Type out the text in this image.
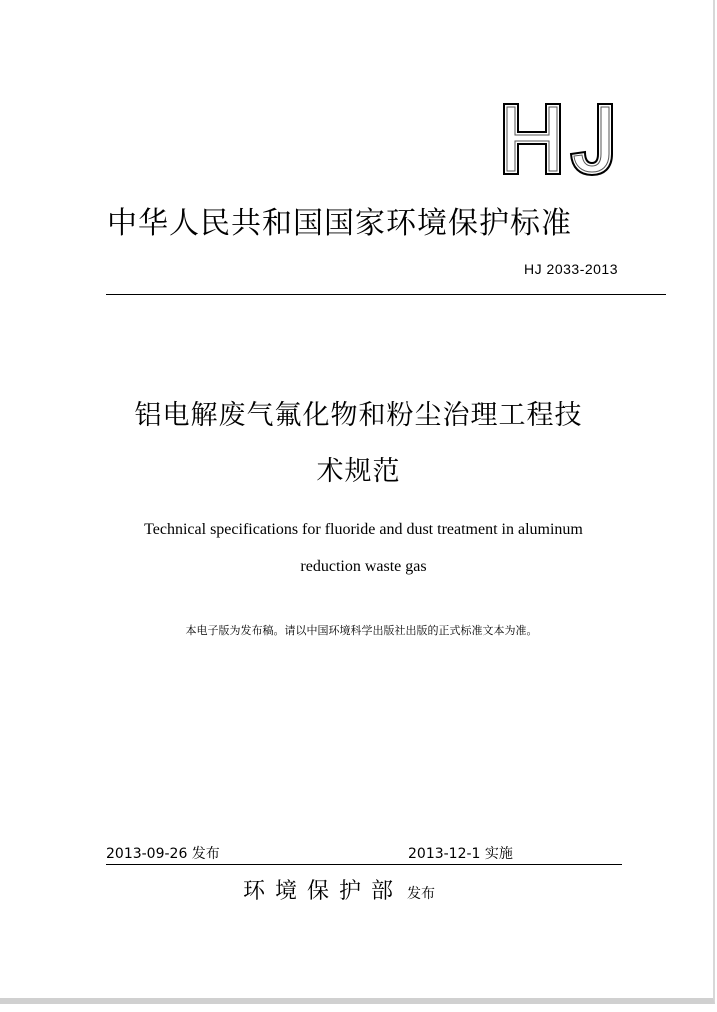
中华人民共和国国家环境保护标准
HJ 2033-2013
铝电解废气氟化物和粉尘治理工程技
术规范
Technical specifications for fluoride and dust treatment in aluminum
reduction waste gas
本电子版为发布稿。请以中国环境科学出版社出版的正式标准文本为准。
2013-09-26 发布	2013-12-1 实施
环境保护部 发布
